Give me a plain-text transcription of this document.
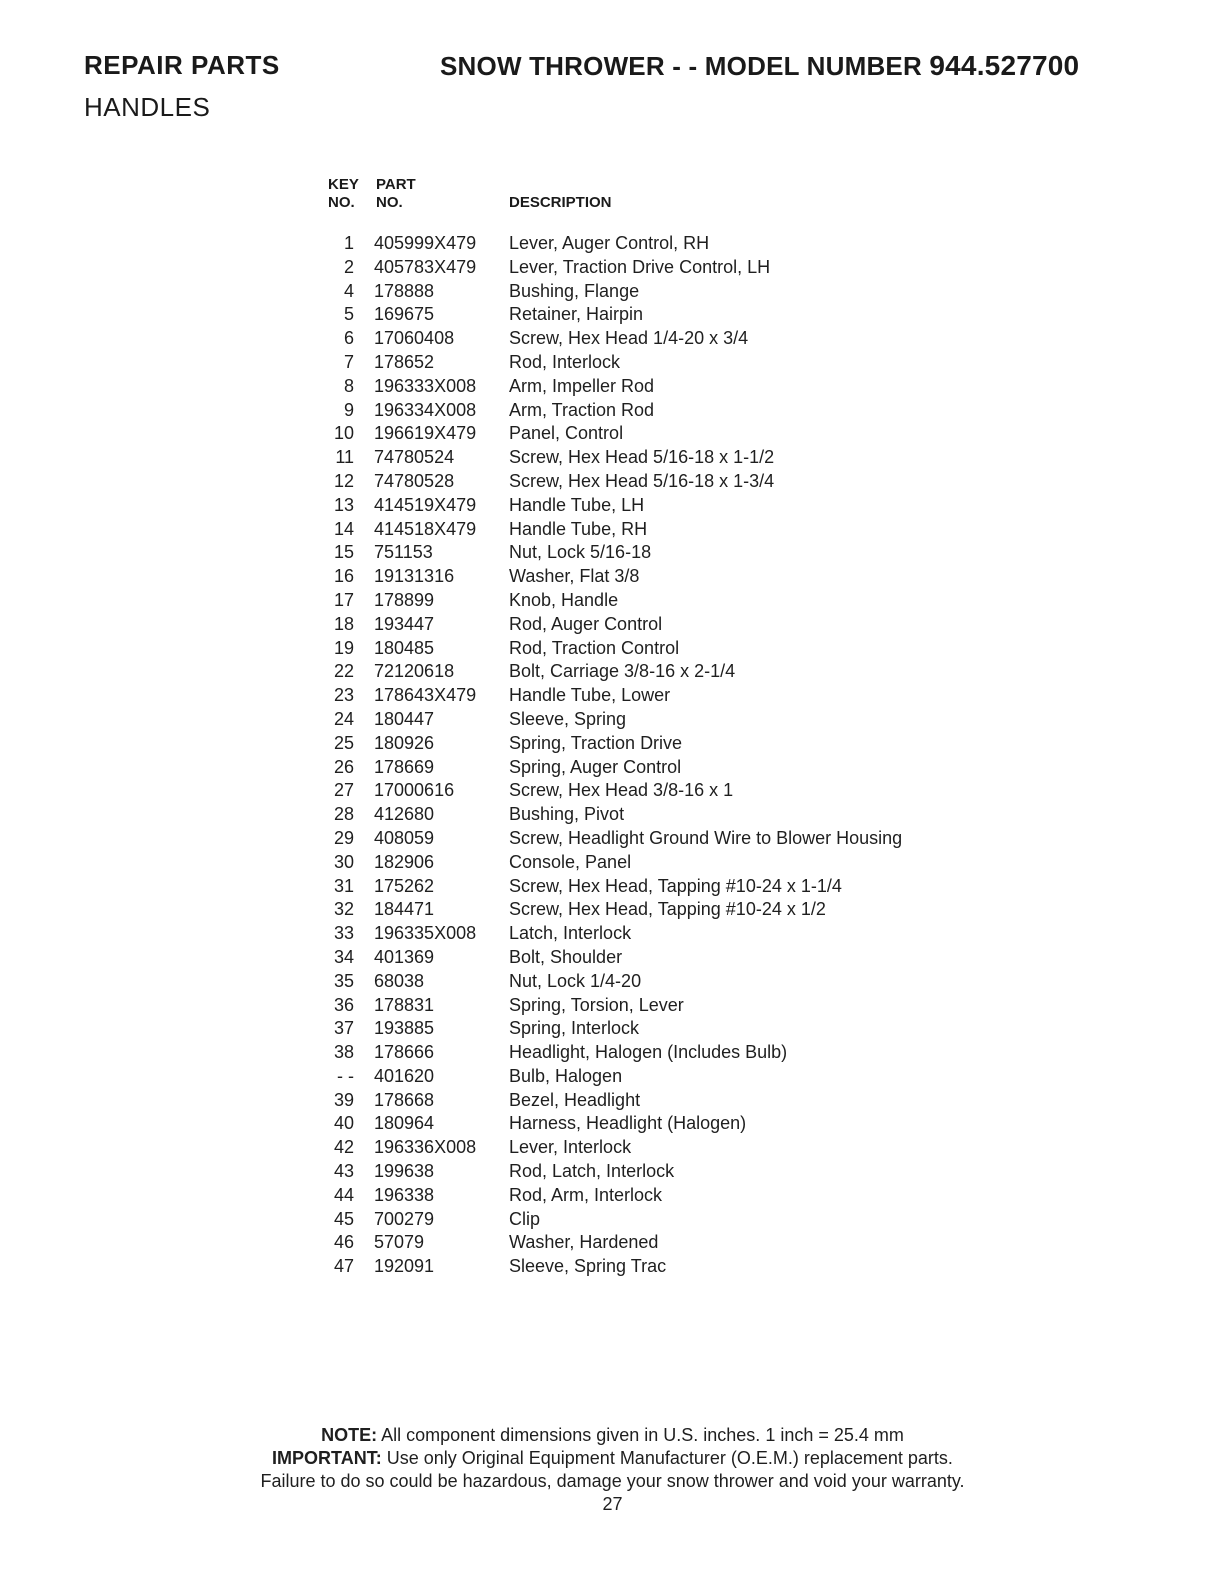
REPAIR PARTS	SNOW THROWER - - MODEL NUMBER 944.527700
HANDLES
KEY
NO.
PART
NO.	DESCRIPTION
1 405999X479 Lever, Auger Control, RH
2 405783X479 Lever, Traction Drive Control, LH
4 178888	Bushing, Flange
5 169675	Retainer, Hairpin
6 17060408	Screw, Hex Head 1/4-20 x 3/4
7 178652	Rod, Interlock
8 196333X008 Arm, Impeller Rod
9 196334X008 Arm, Traction Rod
10 196619X479 Panel, Control
11 74780524	Screw, Hex Head 5/16-18 x 1-1/2
12 74780528	Screw, Hex Head 5/16-18 x 1-3/4
13 414519X479 Handle Tube, LH
14 414518X479 Handle Tube, RH
15 751153	Nut, Lock 5/16-18
16 19131316	Washer, Flat 3/8
17 178899	Knob, Handle
18 193447	Rod, Auger Control
19 180485	Rod, Traction Control
22 72120618	Bolt, Carriage 3/8-16 x 2-1/4
23 178643X479 Handle Tube, Lower
24 180447	Sleeve, Spring
25 180926	Spring, Traction Drive
26 178669	Spring, Auger Control
27 17000616	Screw, Hex Head 3/8-16 x 1
28 412680	Bushing, Pivot
29 408059	Screw, Headlight Ground Wire to Blower Housing
30 182906	Console, Panel
31 175262	Screw, Hex Head, Tapping #10-24 x 1-1/4
32 184471	Screw, Hex Head, Tapping #10-24 x 1/2
33 196335X008 Latch, Interlock
34 401369	Bolt, Shoulder
35 68038	Nut, Lock 1/4-20
36 178831	Spring, Torsion, Lever
37 193885	Spring, Interlock
38 178666	Headlight, Halogen (Includes Bulb)
- - 401620	Bulb, Halogen
39 178668	Bezel, Headlight
40 180964	Harness, Headlight (Halogen)
42 196336X008 Lever, Interlock
43 199638	Rod, Latch, Interlock
44 196338	Rod, Arm, Interlock
45 700279	Clip
46 57079	Washer, Hardened
47 192091	Sleeve, Spring Trac
NOTE: All component dimensions given in U.S. inches. 1 inch = 25.4 mm
IMPORTANT: Use only Original Equipment Manufacturer (O.E.M.) replacement parts.
Failure to do so could be hazardous, damage your snow thrower and void your warranty.
27
